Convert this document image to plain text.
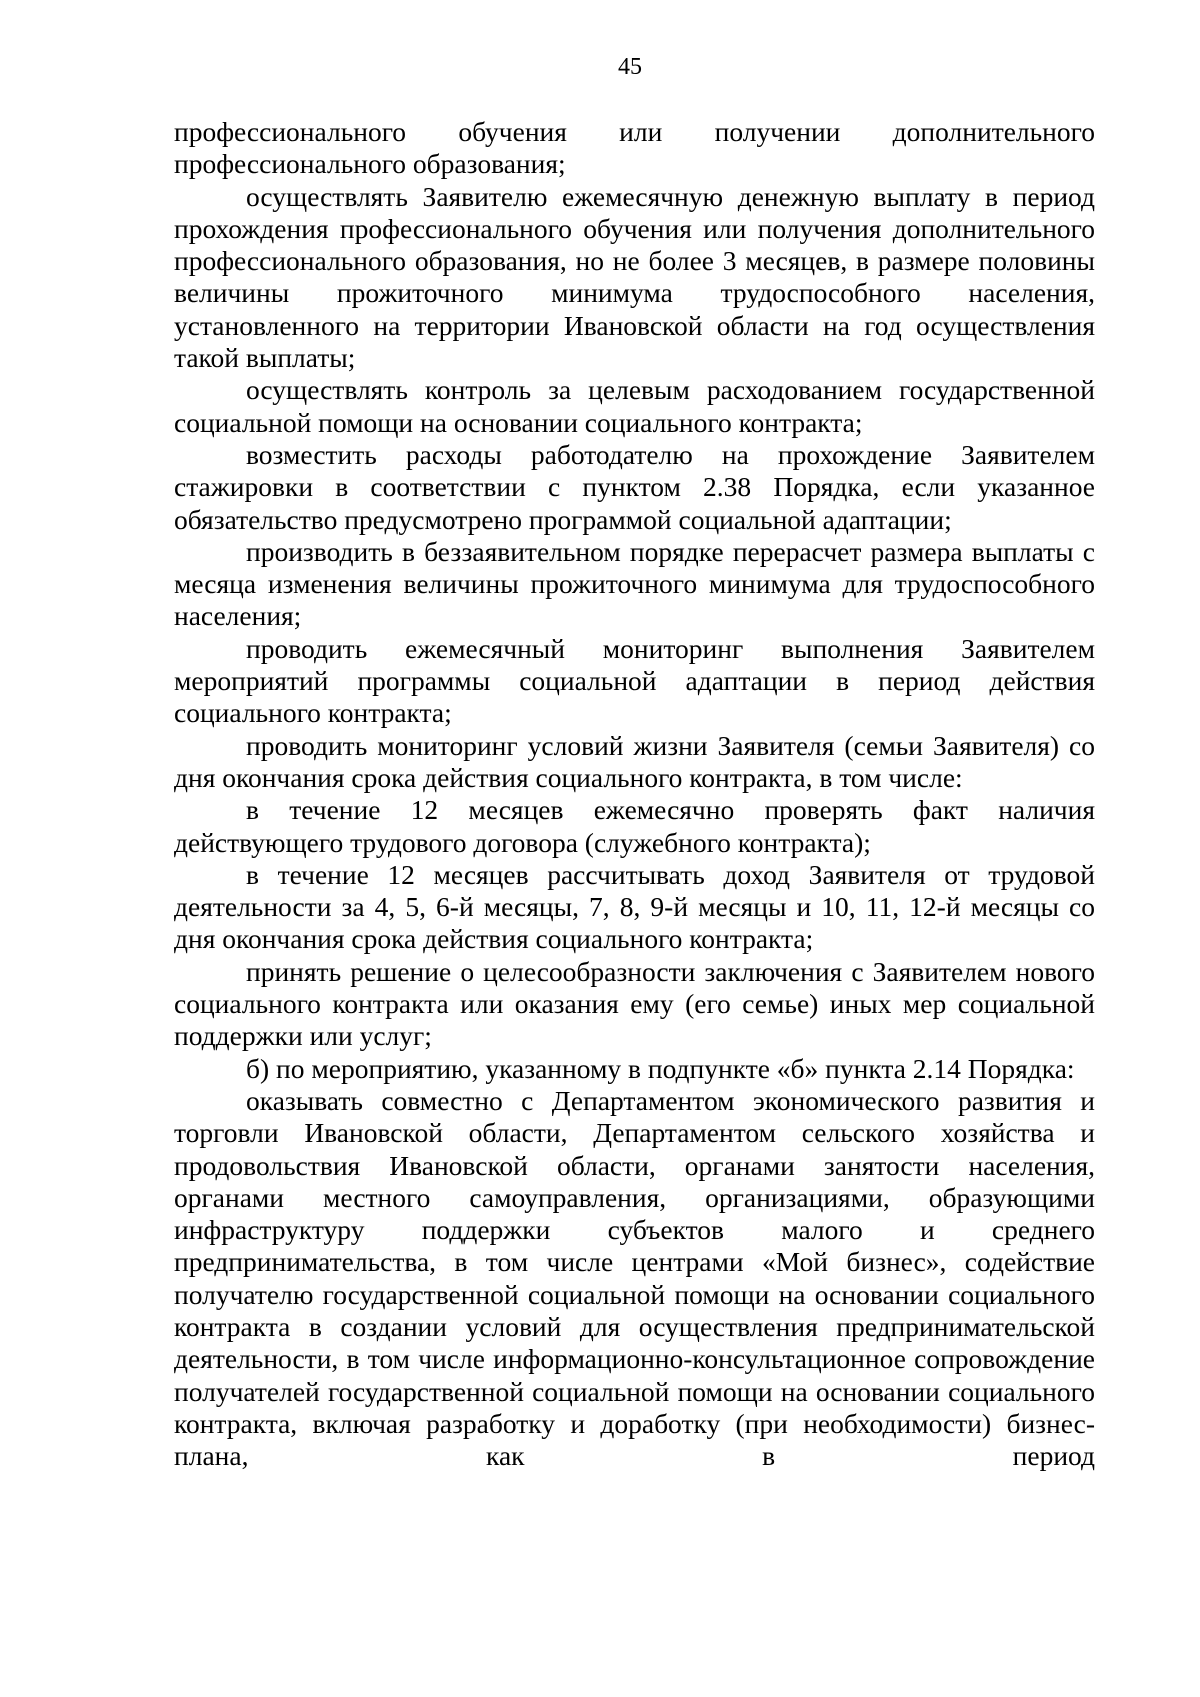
45

профессионального обучения или получении дополнительного профессионального образования;

осуществлять Заявителю ежемесячную денежную выплату в период прохождения профессионального обучения или получения дополнительного профессионального образования, но не более 3 месяцев, в размере половины величины прожиточного минимума трудоспособного населения, установленного на территории Ивановской области на год осуществления такой выплаты;

осуществлять контроль за целевым расходованием государственной социальной помощи на основании социального контракта;

возместить расходы работодателю на прохождение Заявителем стажировки в соответствии с пунктом 2.38 Порядка, если указанное обязательство предусмотрено программой социальной адаптации;

производить в беззаявительном порядке перерасчет размера выплаты с месяца изменения величины прожиточного минимума для трудоспособного населения;

проводить ежемесячный мониторинг выполнения Заявителем мероприятий программы социальной адаптации в период действия социального контракта;

проводить мониторинг условий жизни Заявителя (семьи Заявителя) со дня окончания срока действия социального контракта, в том числе:

в течение 12 месяцев ежемесячно проверять факт наличия действующего трудового договора (служебного контракта);

в течение 12 месяцев рассчитывать доход Заявителя от трудовой деятельности за 4, 5, 6-й месяцы, 7, 8, 9-й месяцы и 10, 11, 12-й месяцы со дня окончания срока действия социального контракта;

принять решение о целесообразности заключения с Заявителем нового социального контракта или оказания ему (его семье) иных мер социальной поддержки или услуг;

б) по мероприятию, указанному в подпункте «б» пункта 2.14 Порядка:

оказывать совместно с Департаментом экономического развития и торговли Ивановской области, Департаментом сельского хозяйства и продовольствия Ивановской области, органами занятости населения, органами местного самоуправления, организациями, образующими инфраструктуру поддержки субъектов малого и среднего предпринимательства, в том числе центрами «Мой бизнес», содействие получателю государственной социальной помощи на основании социального контракта в создании условий для осуществления предпринимательской деятельности, в том числе информационно-консультационное сопровождение получателей государственной социальной помощи на основании социального контракта, включая разработку и доработку (при необходимости) бизнес-плана, как в период
